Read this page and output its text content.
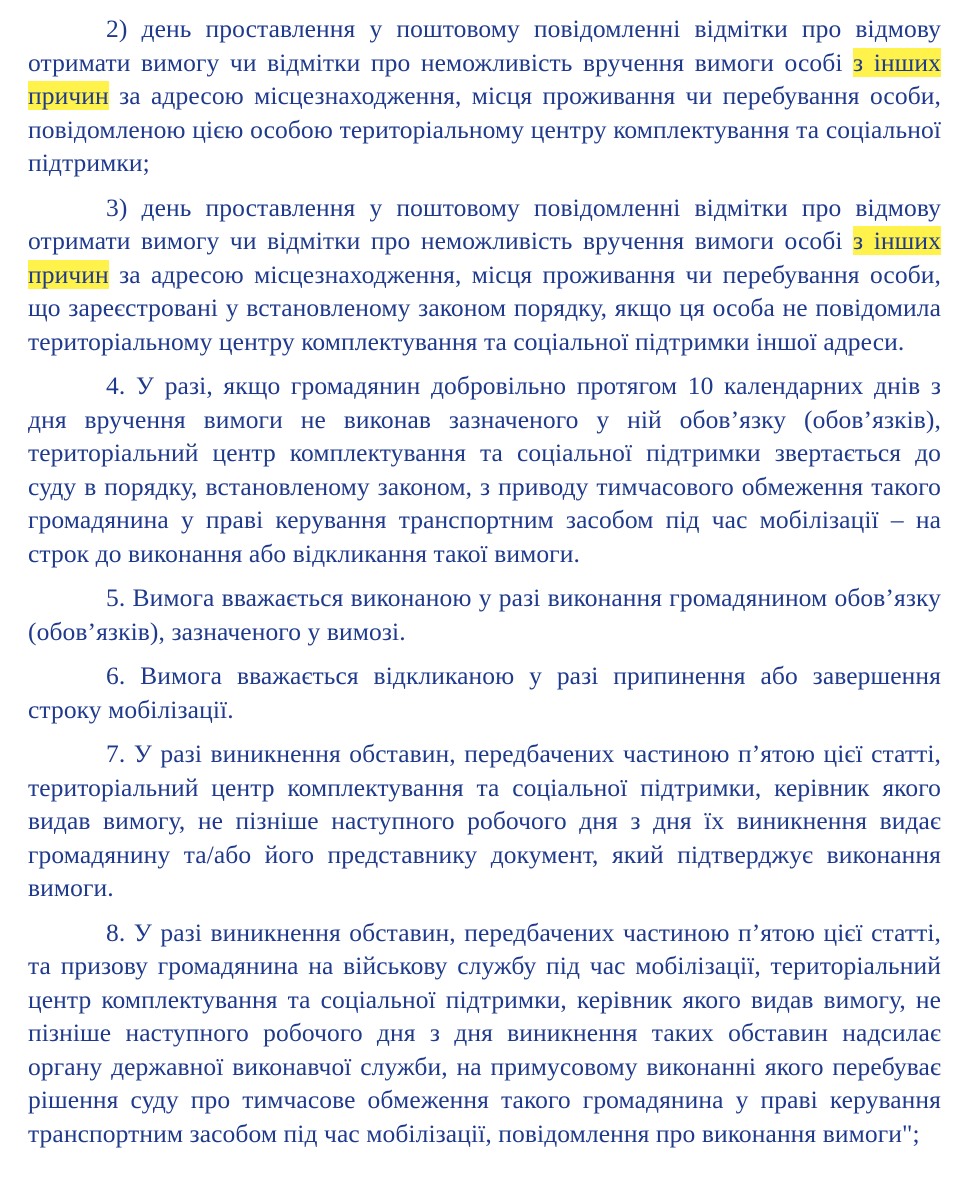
2) день проставлення у поштовому повідомленні відмітки про відмову отримати вимогу чи відмітки про неможливість вручення вимоги особі з інших причин за адресою місцезнаходження, місця проживання чи перебування особи, повідомленою цією особою територіальному центру комплектування та соціальної підтримки;

3) день проставлення у поштовому повідомленні відмітки про відмову отримати вимогу чи відмітки про неможливість вручення вимоги особі з інших причин за адресою місцезнаходження, місця проживання чи перебування особи, що зареєстровані у встановленому законом порядку, якщо ця особа не повідомила територіальному центру комплектування та соціальної підтримки іншої адреси.

4. У разі, якщо громадянин добровільно протягом 10 календарних днів з дня вручення вимоги не виконав зазначеного у ній обов’язку (обов’язків), територіальний центр комплектування та соціальної підтримки звертається до суду в порядку, встановленому законом, з приводу тимчасового обмеження такого громадянина у праві керування транспортним засобом під час мобілізації – на строк до виконання або відкликання такої вимоги.

5. Вимога вважається виконаною у разі виконання громадянином обов’язку (обов’язків), зазначеного у вимозі.

6. Вимога вважається відкликаною у разі припинення або завершення строку мобілізації.

7. У разі виникнення обставин, передбачених частиною п’ятою цієї статті, територіальний центр комплектування та соціальної підтримки, керівник якого видав вимогу, не пізніше наступного робочого дня з дня їх виникнення видає громадянину та/або його представнику документ, який підтверджує виконання вимоги.

8. У разі виникнення обставин, передбачених частиною п’ятою цієї статті, та призову громадянина на військову службу під час мобілізації, територіальний центр комплектування та соціальної підтримки, керівник якого видав вимогу, не пізніше наступного робочого дня з дня виникнення таких обставин надсилає органу державної виконавчої служби, на примусовому виконанні якого перебуває рішення суду про тимчасове обмеження такого громадянина у праві керування транспортним засобом під час мобілізації, повідомлення про виконання вимоги";
